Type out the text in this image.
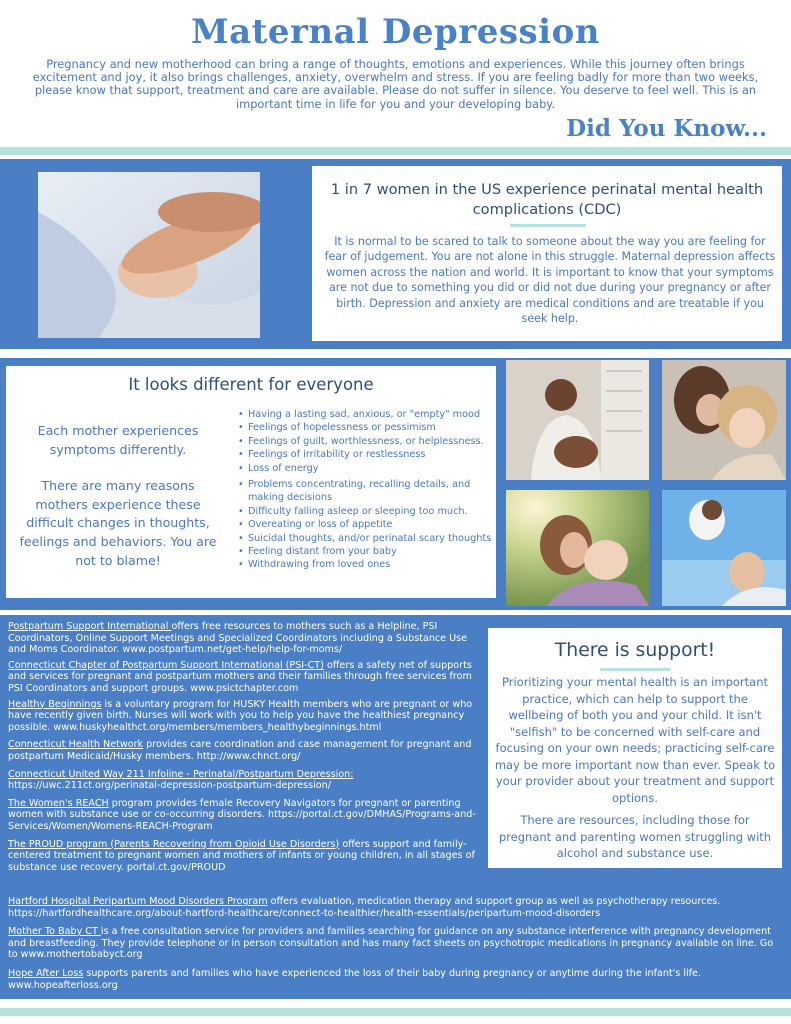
Maternal Depression
Pregnancy and new motherhood can bring a range of thoughts, emotions and experiences. While this journey often brings excitement and joy, it also brings challenges, anxiety, overwhelm and stress. If you are feeling badly for more than two weeks, please know that support, treatment and care are available. Please do not suffer in silence. You deserve to feel well. This is an important time in life for you and your developing baby.
Did You Know...
1 in 7 women in the US experience perinatal mental health complications (CDC)

It is normal to be scared to talk to someone about the way you are feeling for fear of judgement. You are not alone in this struggle. Maternal depression affects women across the nation and world. It is important to know that your symptoms are not due to something you did or did not due during your pregnancy or after birth. Depression and anxiety are medical conditions and are treatable if you seek help.

It looks different for everyone
Each mother experiences symptoms differently.
There are many reasons mothers experience these difficult changes in thoughts, feelings and behaviors. You are not to blame!
• Having a lasting sad, anxious, or "empty" mood
• Feelings of hopelessness or pessimism
• Feelings of guilt, worthlessness, or helplessness.
• Feelings of irritability or restlessness
• Loss of energy
• Problems concentrating, recalling details, and making decisions
• Difficulty falling asleep or sleeping too much.
• Overeating or loss of appetite
• Suicidal thoughts, and/or perinatal scary thoughts
• Feeling distant from your baby
• Withdrawing from loved ones
Postpartum Support International offers free resources to mothers such as a Helpline, PSI Coordinators, Online Support Meetings and Specialized Coordinators including a Substance Use and Moms Coordinator. www.postpartum.net/get-help/help-for-moms/
Connecticut Chapter of Postpartum Support International (PSI-CT) offers a safety net of supports and services for pregnant and postpartum mothers and their families through free services from PSI Coordinators and support groups. www.psictchapter.com
Healthy Beginnings is a voluntary program for HUSKY Health members who are pregnant or who have recently given birth. Nurses will work with you to help you have the healthiest pregnancy possible. www.huskyhealthct.org/members/members_healthybeginnings.html
Connecticut Health Network provides care coordination and case management for pregnant and postpartum Medicaid/Husky members. http://www.chnct.org/
Connecticut United Way 211 Infoline - Perinatal/Postpartum Depression: https://uwc.211ct.org/perinatal-depression-postpartum-depression/
The Women's REACH program provides female Recovery Navigators for pregnant or parenting women with substance use or co-occurring disorders. https://portal.ct.gov/DMHAS/Programs-and-Services/Women/Womens-REACH-Program
The PROUD program (Parents Recovering from Opioid Use Disorders) offers support and family-centered treatment to pregnant women and mothers of infants or young children, in all stages of substance use recovery. portal.ct.gov/PROUD
Hartford Hospital Peripartum Mood Disorders Program offers evaluation, medication therapy and support group as well as psychotherapy resources. https://hartfordhealthcare.org/about-hartford-healthcare/connect-to-healthier/health-essentials/peripartum-mood-disorders
Mother To Baby CT is a free consultation service for providers and families searching for guidance on any substance interference with pregnancy development and breastfeeding. They provide telephone or in person consultation and has many fact sheets on psychotropic medications in pregnancy available on line. Go to www.mothertobabyct.org
Hope After Loss supports parents and families who have experienced the loss of their baby during pregnancy or anytime during the infant's life. www.hopeafterloss.org
There is support!

Prioritizing your mental health is an important practice, which can help to support the wellbeing of both you and your child. It isn't "selfish" to be concerned with self-care and focusing on your own needs; practicing self-care may be more important now than ever. Speak to your provider about your treatment and support options.

There are resources, including those for pregnant and parenting women struggling with alcohol and substance use.
